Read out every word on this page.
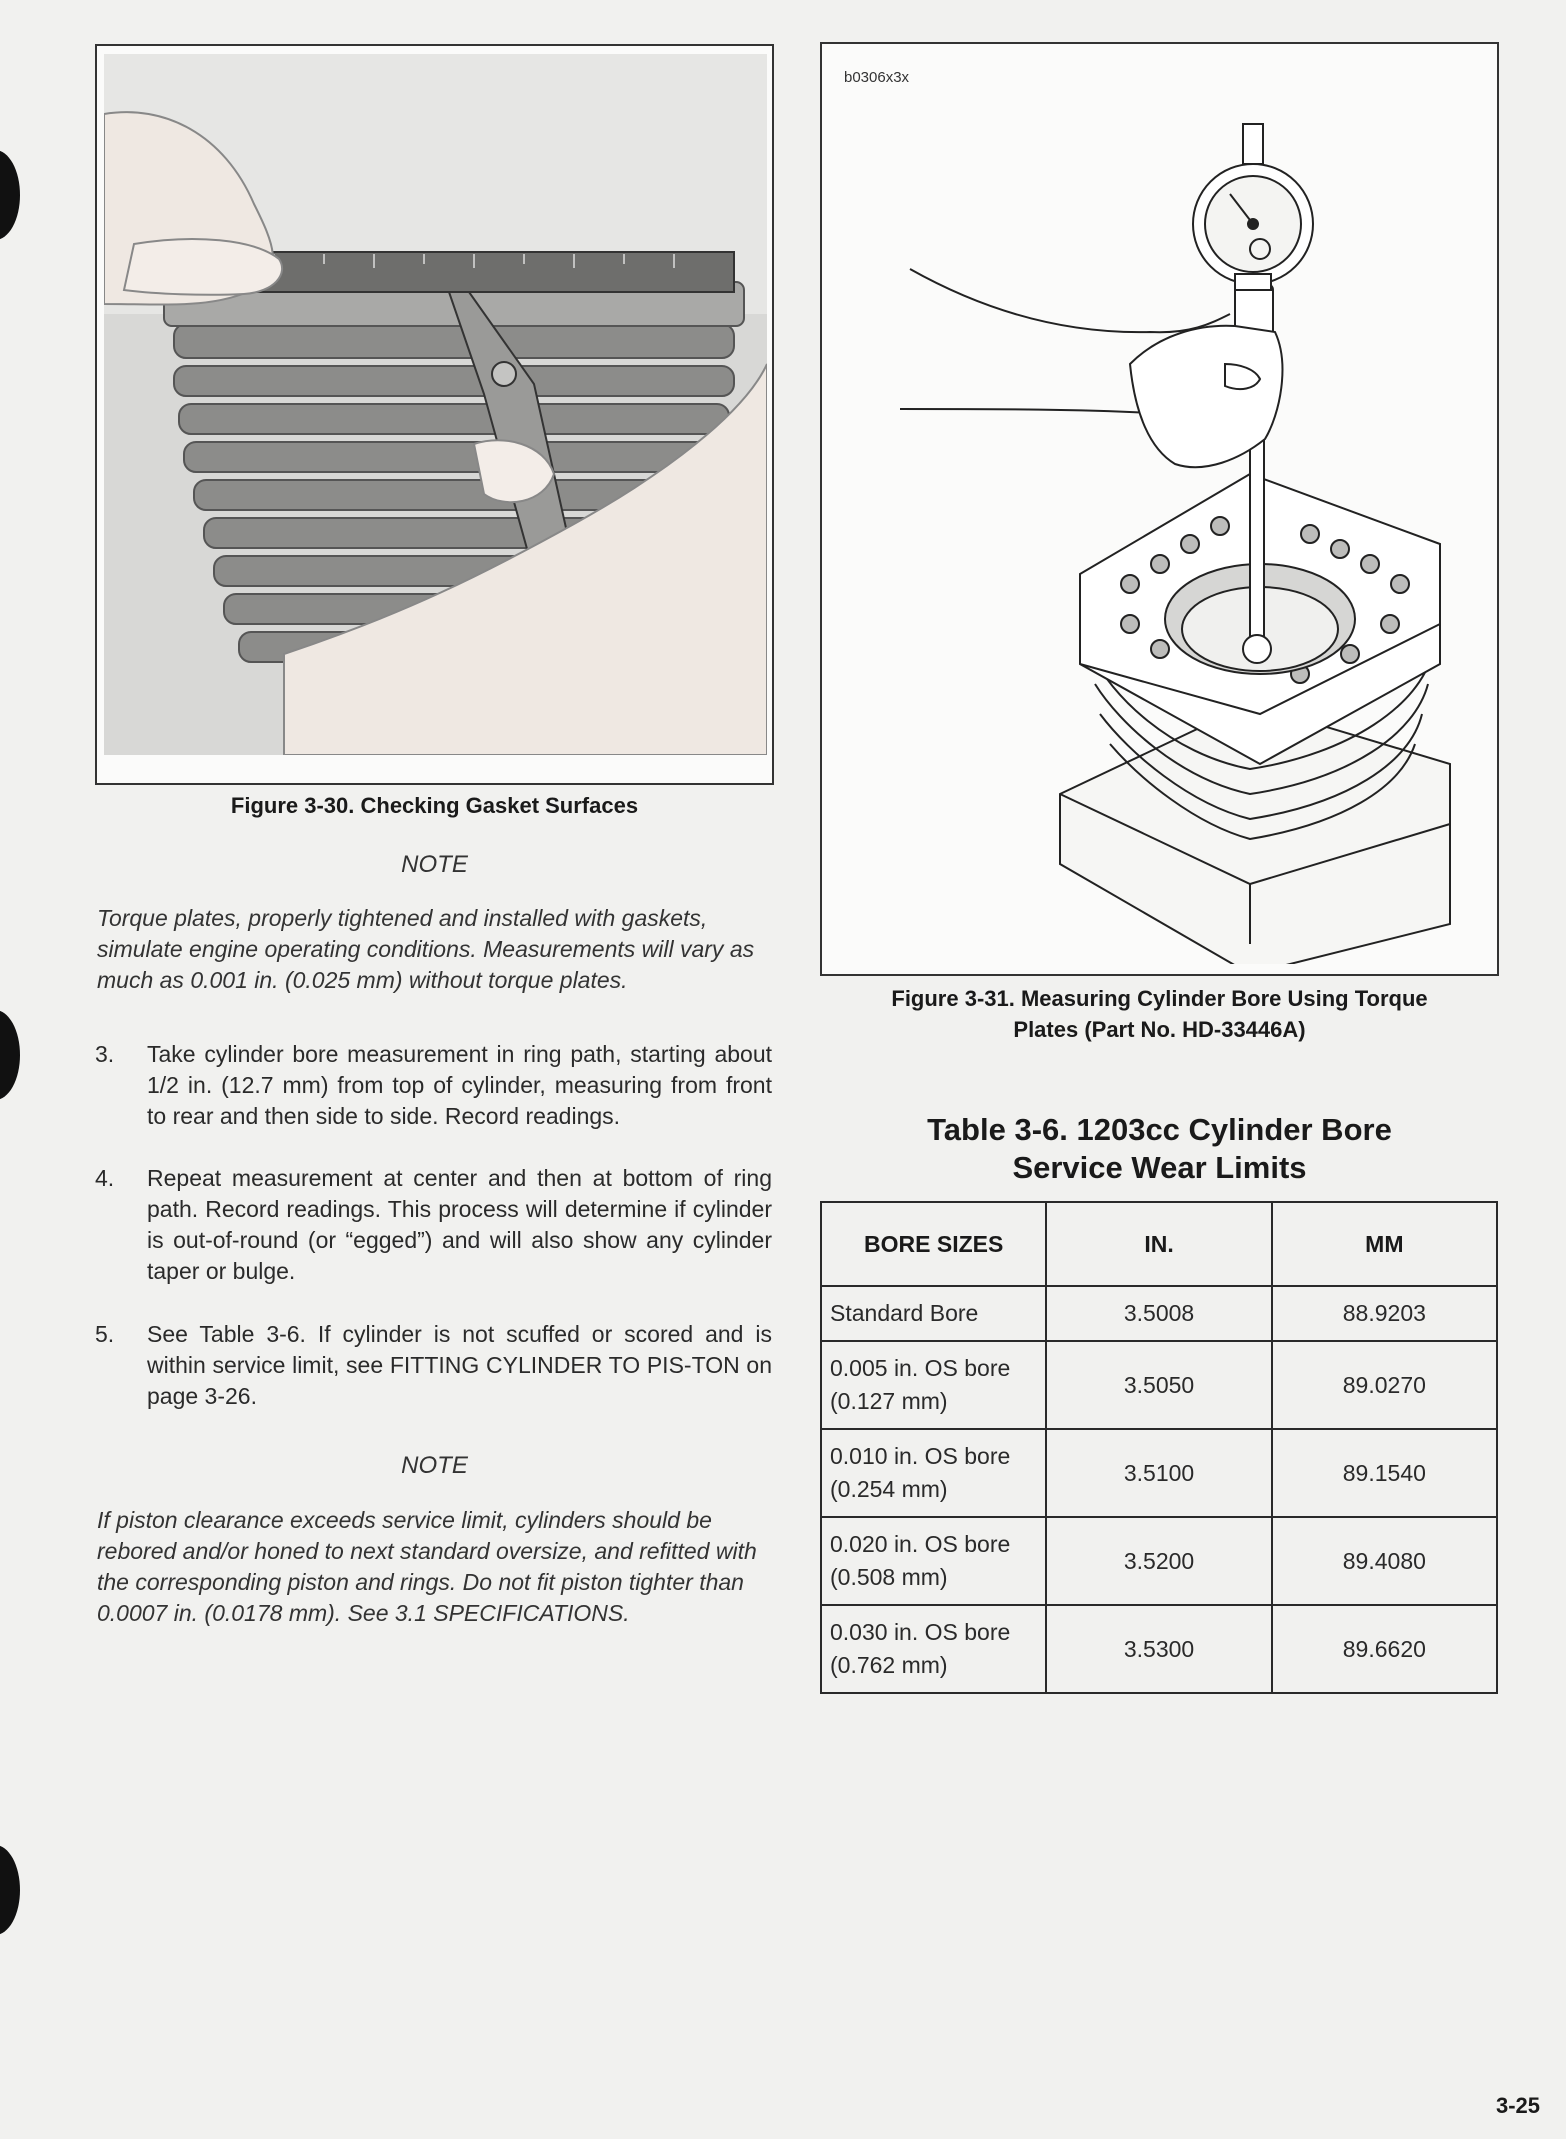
Figure 3-30. Checking Gasket Surfaces
NOTE

Torque plates, properly tightened and installed with gaskets, simulate engine operating conditions. Measurements will vary as much as 0.001 in. (0.025 mm) without torque plates.

3. Take cylinder bore measurement in ring path, starting about 1/2 in. (12.7 mm) from top of cylinder, measuring from front to rear and then side to side. Record readings.
4. Repeat measurement at center and then at bottom of ring path. Record readings. This process will determine if cylinder is out-of-round (or “egged”) and will also show any cylinder taper or bulge.
5. See Table 3-6. If cylinder is not scuffed or scored and is within service limit, see FITTING CYLINDER TO PIS-TON on page 3-26.
NOTE

If piston clearance exceeds service limit, cylinders should be rebored and/or honed to next standard oversize, and refitted with the corresponding piston and rings. Do not fit piston tighter than 0.0007 in. (0.0178 mm). See 3.1 SPECIFICATIONS.

b0306x3x
Figure 3-31. Measuring Cylinder Bore Using Torque
Plates (Part No. HD-33446A)
Table 3-6. 1203cc Cylinder Bore
Service Wear Limits
BORE SIZES	IN.	MM

Standard Bore	3.5008	88.9203

0.005 in. OS bore
(0.127 mm)	3.5050	89.0270

0.010 in. OS bore
(0.254 mm)	3.5100	89.1540

0.020 in. OS bore
(0.508 mm)	3.5200	89.4080

0.030 in. OS bore
(0.762 mm)	3.5300	89.6620
3-25
